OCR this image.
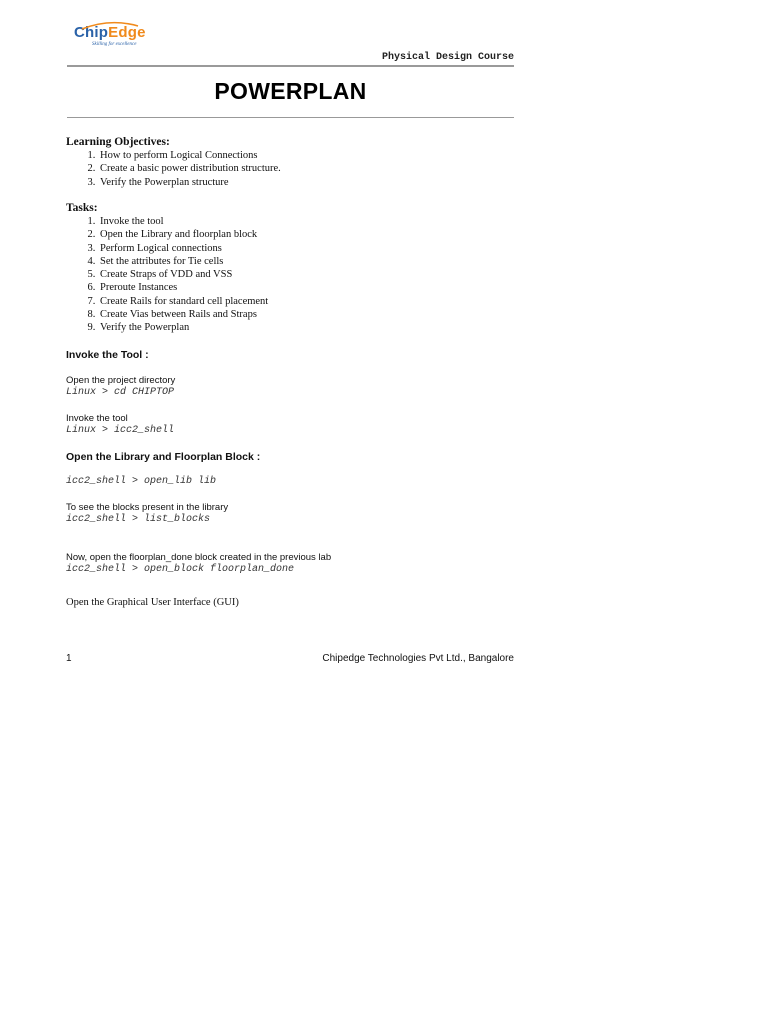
ChipEdge
Skilling for excellence
Physical Design Course
POWERPLAN
Learning Objectives:
1. How to perform Logical Connections
2. Create a basic power distribution structure.
3. Verify the Powerplan structure
Tasks:
1. Invoke the tool
2. Open the Library and floorplan block
3. Perform Logical connections
4. Set the attributes for Tie cells
5. Create Straps of VDD and VSS
6. Preroute Instances
7. Create Rails for standard cell placement
8. Create Vias between Rails and Straps
9. Verify the Powerplan
Invoke the Tool :
Open the project directory
Linux > cd CHIPTOP
Invoke the tool
Linux > icc2_shell
Open the Library and Floorplan Block :
icc2_shell > open_lib lib
To see the blocks present in the library
icc2_shell > list_blocks
Now, open the floorplan_done block created in the previous lab
icc2_shell > open_block floorplan_done
Open the Graphical User Interface (GUI)
1	Chipedge Technologies Pvt Ltd., Bangalore
